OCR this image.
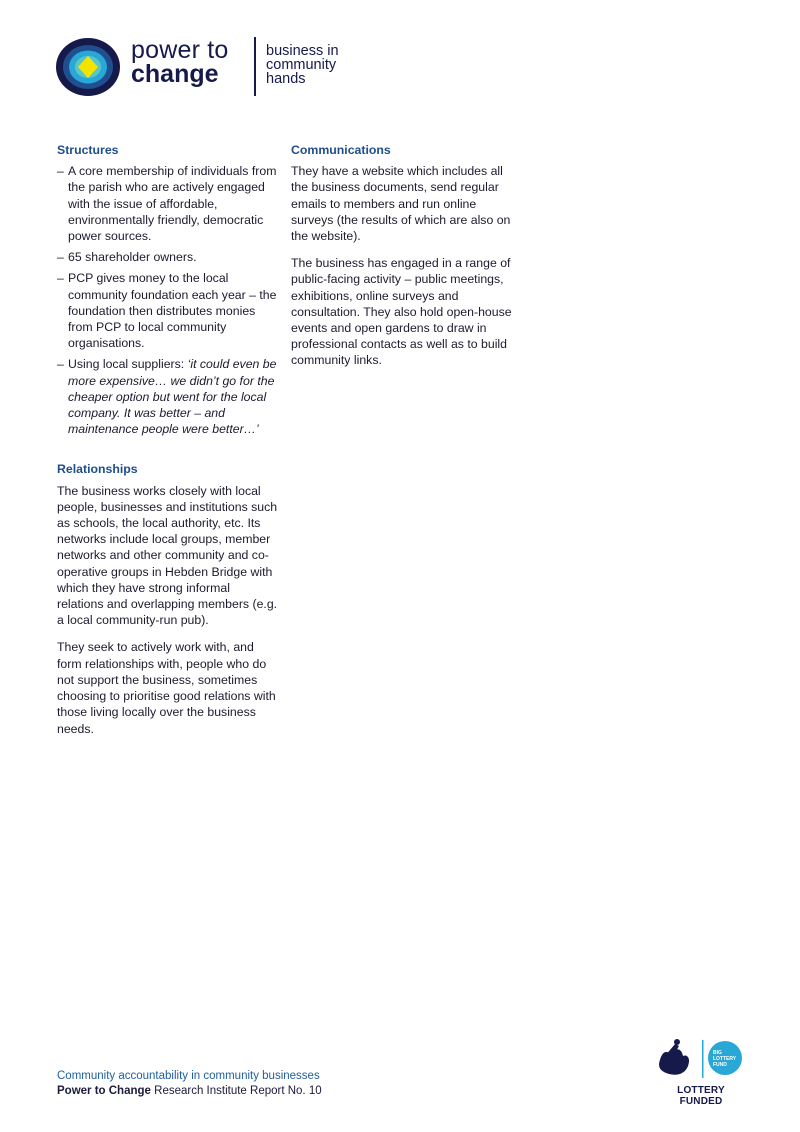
power to
change
business in
community
hands
Structures
– A core membership of individuals from the parish who are actively engaged with the issue of affordable, environmentally friendly, democratic power sources.
– 65 shareholder owners.
– PCP gives money to the local community foundation each year – the foundation then distributes monies from PCP to local community organisations.
– Using local suppliers: ‘it could even be more expensive… we didn’t go for the cheaper option but went for the local company. It was better – and maintenance people were better…’
Relationships

The business works closely with local people, businesses and institutions such as schools, the local authority, etc. Its networks include local groups, member networks and other community and co-operative groups in Hebden Bridge with which they have strong informal relations and overlapping members (e.g. a local community-run pub).

They seek to actively work with, and form relationships with, people who do not support the business, sometimes choosing to prioritise good relations with those living locally over the business needs.

Communications

They have a website which includes all the business documents, send regular emails to members and run online surveys (the results of which are also on the website).

The business has engaged in a range of public-facing activity – public meetings, exhibitions, online surveys and consultation. They also hold open-house events and open gardens to draw in professional contacts as well as to build community links.

Community accountability in community businesses
Power to Change Research Institute Report No. 10
BIG
LOTTERY
FUND
LOTTERY FUNDED
